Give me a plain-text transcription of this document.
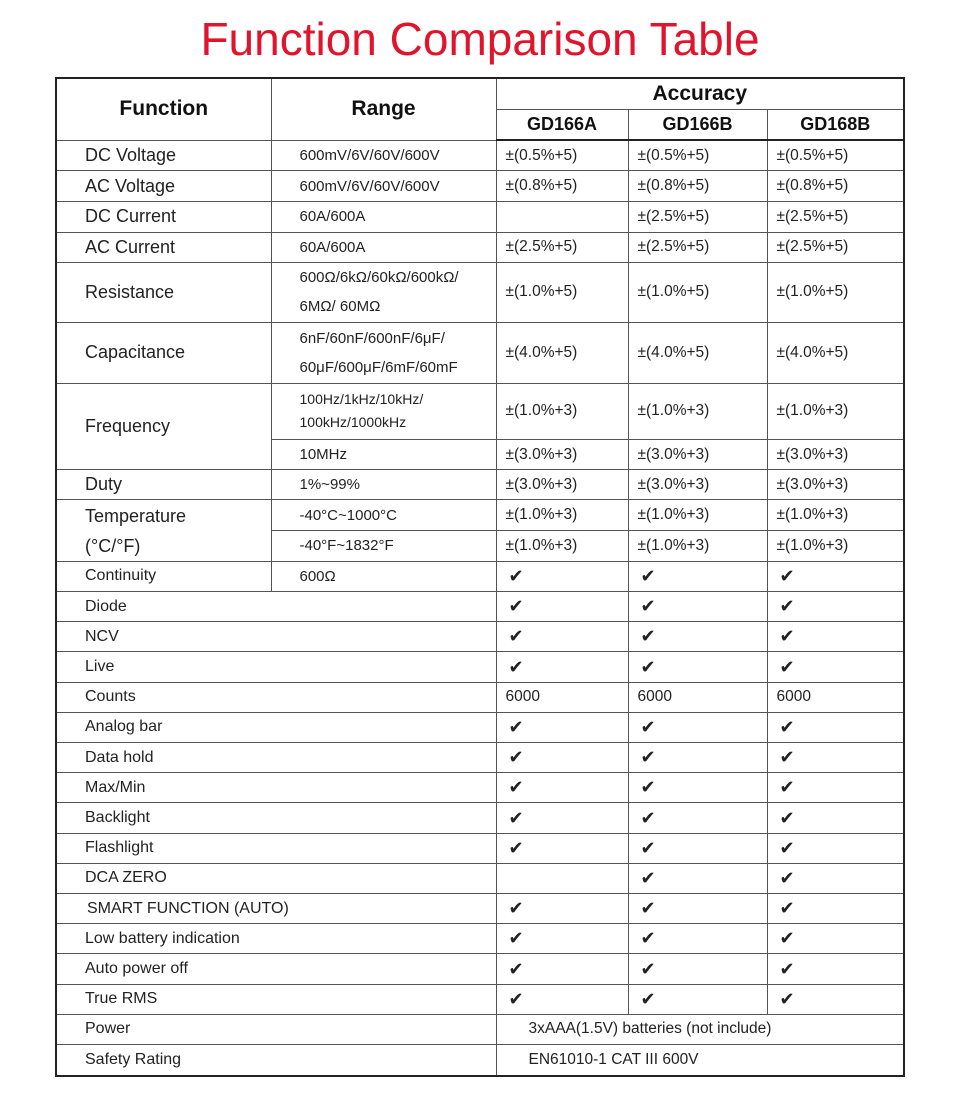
Function Comparison Table
Function	Range	Accuracy		
		GD166A	GD166B	GD168B
DC Voltage	600mV/6V/60V/600V	±(0.5%+5)	±(0.5%+5)	±(0.5%+5)
AC Voltage	600mV/6V/60V/600V	±(0.8%+5)	±(0.8%+5)	±(0.8%+5)
DC Current	60A/600A		±(2.5%+5)	±(2.5%+5)
AC Current	60A/600A	±(2.5%+5)	±(2.5%+5)	±(2.5%+5)
Resistance	600Ω/6kΩ/60kΩ/600kΩ/
6MΩ/ 60MΩ	±(1.0%+5)	±(1.0%+5)	±(1.0%+5)
Capacitance	6nF/60nF/600nF/6μF/
60μF/600μF/6mF/60mF	±(4.0%+5)	±(4.0%+5)	±(4.0%+5)
Frequency	100Hz/1kHz/10kHz/
100kHz/1000kHz	±(1.0%+3)	±(1.0%+3)	±(1.0%+3)
	10MHz	±(3.0%+3)	±(3.0%+3)	±(3.0%+3)
Duty	1%~99%	±(3.0%+3)	±(3.0%+3)	±(3.0%+3)

Temperature
(°C/°F)	-40°C~1000°C	±(1.0%+3)	±(1.0%+3)	±(1.0%+3)
	-40°F~1832°F	±(1.0%+3)	±(1.0%+3)	±(1.0%+3)
Continuity	600Ω	✔	✔	✔
Diode		✔	✔	✔
NCV		✔	✔	✔
Live		✔	✔	✔
Counts		6000	6000	6000
Analog bar		✔	✔	✔
Data hold		✔	✔	✔
Max/Min		✔	✔	✔
Backlight		✔	✔	✔
Flashlight		✔	✔	✔
DCA ZERO			✔	✔
SMART FUNCTION (AUTO)		✔	✔	✔
Low battery indication		✔	✔	✔
Auto power off		✔	✔	✔
True RMS		✔	✔	✔
Power		3xAAA(1.5V) batteries (not include)		
Safety Rating		EN61010-1 CAT III 600V		
